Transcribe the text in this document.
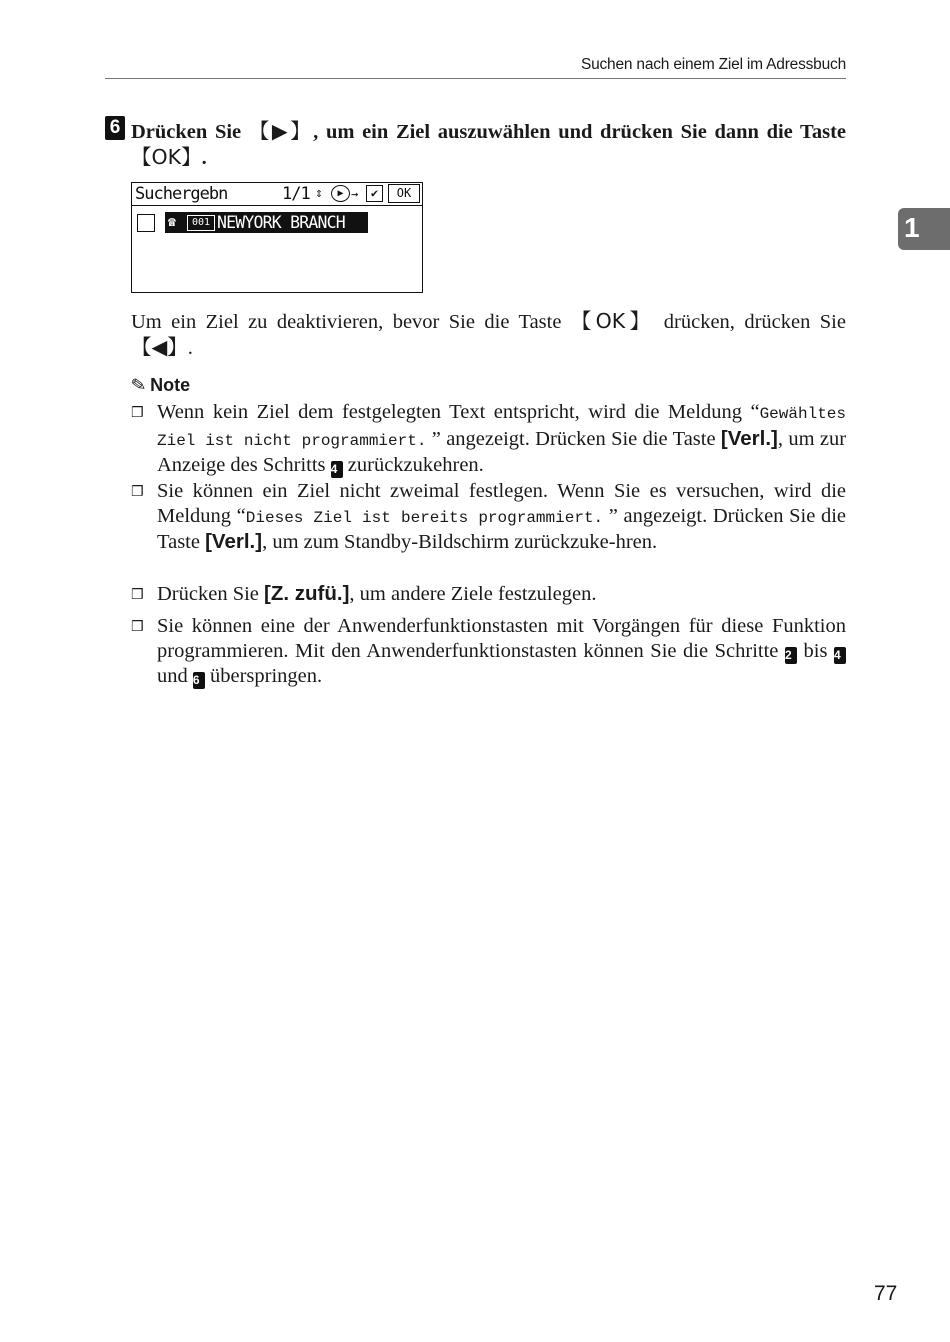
Suchen nach einem Ziel im Adressbuch
1
6 Drücken Sie 【▶】, um ein Ziel auszuwählen und drücken Sie dann die Taste 【OK】.
Suchergebn	1/1 ⇕	▶ →	✔	OK
☎	001 NEWYORK BRANCH
Um ein Ziel zu deaktivieren, bevor Sie die Taste 【OK】 drücken, drücken Sie 【◀】.
✎ Note
❒ Wenn kein Ziel dem festgelegten Text entspricht, wird die Meldung “Gewähltes Ziel ist nicht programmiert. ” angezeigt. Drücken Sie die Taste [Verl.], um zur Anzeige des Schritts 4 zurückzukehren.
❒ Sie können ein Ziel nicht zweimal festlegen. Wenn Sie es versuchen, wird die Meldung “Dieses Ziel ist bereits programmiert. ” angezeigt. Drücken Sie die Taste [Verl.], um zum Standby-Bildschirm zurückzuke-hren.
❒ Drücken Sie [Z. zufü.], um andere Ziele festzulegen.
❒ Sie können eine der Anwenderfunktionstasten mit Vorgängen für diese Funktion programmieren. Mit den Anwenderfunktionstasten können Sie die Schritte 2 bis 4 und 6 überspringen.
77
